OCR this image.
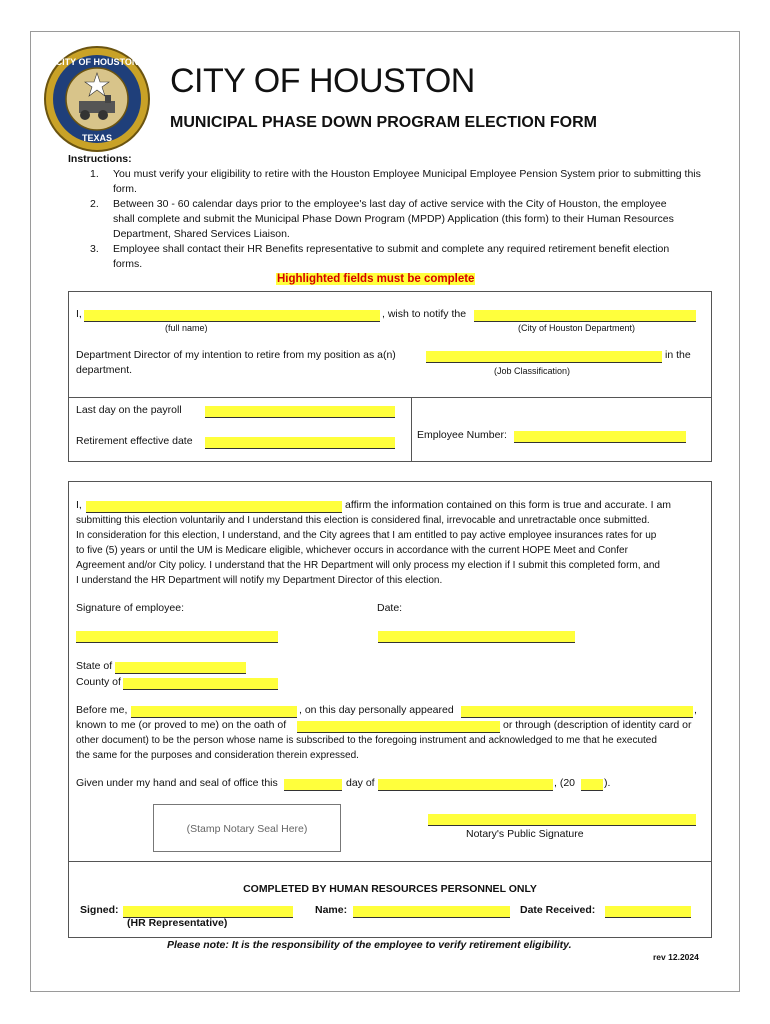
CITY OF HOUSTON
TEXAS
CITY OF HOUSTON
MUNICIPAL PHASE DOWN PROGRAM ELECTION FORM
Instructions:
1. You must verify your eligibility to retire with the Houston Employee Municipal Employee Pension System prior to submitting this form.
2. Between 30 - 60 calendar days prior to the employee's last day of active service with the City of Houston, the employee shall complete and submit the Municipal Phase Down Program (MPDP) Application (this form) to their Human Resources Department, Shared Services Liaison.
3. Employee shall contact their HR Benefits representative to submit and complete any required retirement benefit election forms.
Highlighted fields must be complete
I,	, wish to notify the
(full name)	(City of Houston Department)
Department Director of my intention to retire from my position as a(n)	in the
department.	(Job Classification)
Last day on the payroll
Retirement effective date	Employee Number:
I,	affirm the information contained on this form is true and accurate. I am
submitting this election voluntarily and I understand this election is considered final, irrevocable and unretractable once submitted.
In consideration for this election, I understand, and the City agrees that I am entitled to pay active employee insurances rates for up
to five (5) years or until the UM is Medicare eligible, whichever occurs in accordance with the current HOPE Meet and Confer
Agreement and/or City policy. I understand that the HR Department will only process my election if I submit this completed form, and
I understand the HR Department will notify my Department Director of this election.
Signature of employee:	Date:
State of
County of
Before me,	, on this day personally appeared	,
known to me (or proved to me) on the oath of	or through (description of identity card or
other document) to be the person whose name is subscribed to the foregoing instrument and acknowledged to me that he executed
the same for the purposes and consideration therein expressed.
Given under my hand and seal of office this	day of	, (20	).
(Stamp Notary Seal Here)	Notary's Public Signature
COMPLETED BY HUMAN RESOURCES PERSONNEL ONLY
Signed:
(HR Representative)
Name:	Date Received:
Please note: It is the responsibility of the employee to verify retirement eligibility.
rev 12.2024
